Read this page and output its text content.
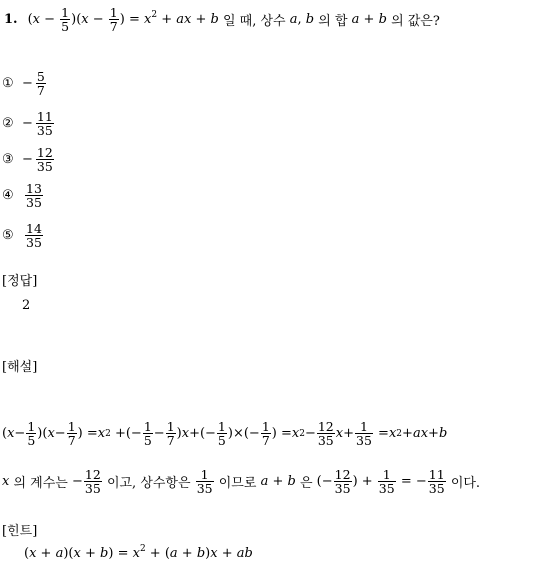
1. $(x - \frac{1}{5} )(x - \frac{1}{7}$ ) = $x^2$ + ax + b
일 때, 상수
a ,
b
의 합
a + b
의 값은?
① − $\frac{5}{7}$
② − $\frac{11}{35}$
③ − $\frac{12}{35}$
④ $\frac{13}{35}$
⑤ $\frac{14}{35}$
[정답]
2
[해설]
( $x - \frac{1}{5}$ )( $x - \frac{1}{7}$ ) = x 2 +(− $\frac{1}{5} - \frac{1}{7}$ ) x +(− $\frac{1}{5}$ )×(− $\frac{1}{7}$ ) = x $2 - \frac{12}{35}$ $x + \frac{1}{35} = x$ 2 + ax + b
x
의 계수는 − $\frac{12}{35}$
이고, 상수항은
$\frac{1}{35}$
이므로
a + b
은 (− $\frac{12}{35}$ ) + $\frac{1}{35}$ = − $\frac{11}{35}$
이다.
[힌트]
$(x + a)(x + b) = x^2 + (a + b)x$ + ab
